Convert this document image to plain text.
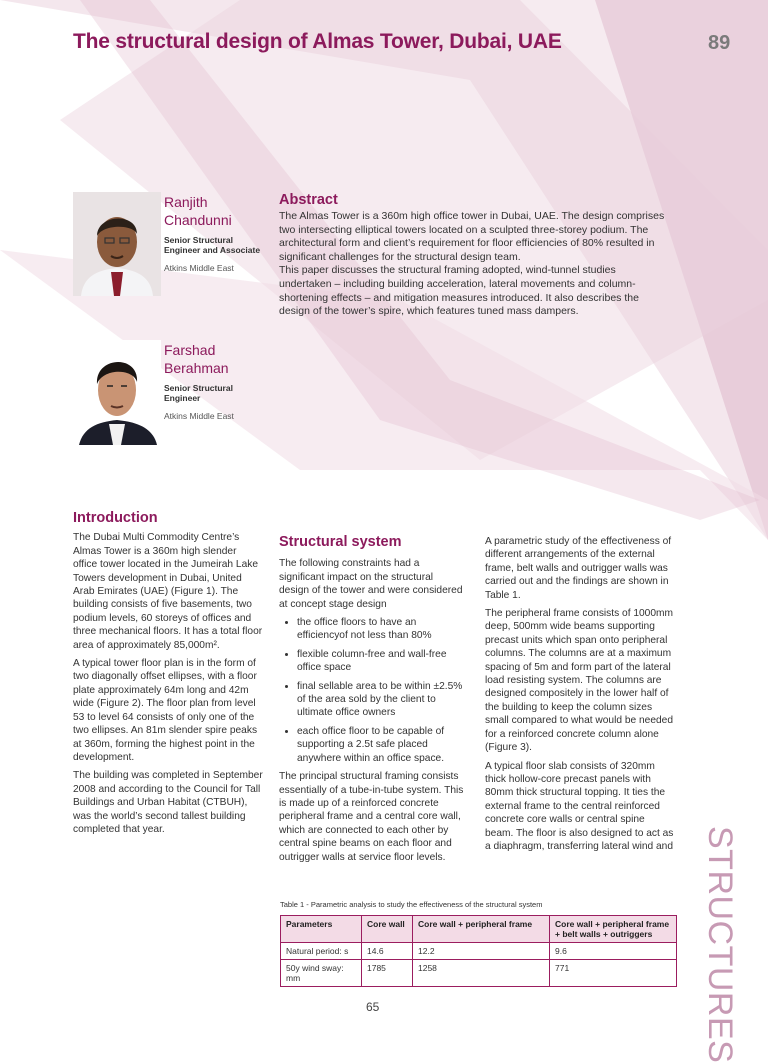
The structural design of Almas Tower, Dubai, UAE	89
Ranjith
Chandunni
Senior Structural
Engineer and Associate
Atkins Middle East
Farshad
Berahman
Senior Structural
Engineer
Atkins Middle East
Abstract

The Almas Tower is a 360m high office tower in Dubai, UAE. The design comprises two intersecting elliptical towers located on a sculpted three-storey podium. The architectural form and client’s requirement for floor efficiencies of 80% resulted in significant challenges for the structural design team.

This paper discusses the structural framing adopted, wind-tunnel studies undertaken – including building acceleration, lateral movements and column-shortening effects – and mitigation measures introduced. It also describes the design of the tower’s spire, which features tuned mass dampers.

Introduction

The Dubai Multi Commodity Centre’s Almas Tower is a 360m high slender office tower located in the Jumeirah Lake Towers development in Dubai, United Arab Emirates (UAE) (Figure 1). The building consists of five basements, two podium levels, 60 storeys of offices and three mechanical floors. It has a total floor area of approximately 85,000m².

A typical tower floor plan is in the form of two diagonally offset ellipses, with a floor plate approximately 64m long and 42m wide (Figure 2). The floor plan from level 53 to level 64 consists of only one of the two ellipses. An 81m slender spire peaks at 360m, forming the highest point in the development.

The building was completed in September 2008 and according to the Council for Tall Buildings and Urban Habitat (CTBUH), was the world’s second tallest building completed that year.

Structural system

The following constraints had a significant impact on the structural design of the tower and were considered at concept stage design

• the office floors to have an efficiencyof not less than 80%
• flexible column-free and wall-free office space
• final sellable area to be within ±2.5% of the area sold by the client to ultimate office owners
• each office floor to be capable of supporting a 2.5t safe placed anywhere within an office space.

The principal structural framing consists essentially of a tube-in-tube system. This is made up of a reinforced concrete peripheral frame and a central core wall, which are connected to each other by central spine beams on each floor and outrigger walls at service floor levels.

A parametric study of the effectiveness of different arrangements of the external frame, belt walls and outrigger walls was carried out and the findings are shown in Table 1.

The peripheral frame consists of 1000mm deep, 500mm wide beams supporting precast units which span onto peripheral columns. The columns are at a maximum spacing of 5m and form part of the lateral load resisting system. The columns are designed compositely in the lower half of the building to keep the column sizes small compared to what would be needed for a reinforced concrete column alone (Figure 3).

A typical floor slab consists of 320mm thick hollow-core precast panels with 80mm thick structural topping. It ties the external frame to the central reinforced concrete core walls or central spine beam. The floor is also designed to act as a diaphragm, transferring lateral wind and

Table 1 - Parametric analysis to study the effectiveness of the structural system
Parameters	Core wall	Core wall + peripheral frame	Core wall + peripheral frame + belt walls + outriggers
Natural period: s	14.6	12.2	9.6
50y wind sway: mm	1785	1258	771	STRUCTURES
65
